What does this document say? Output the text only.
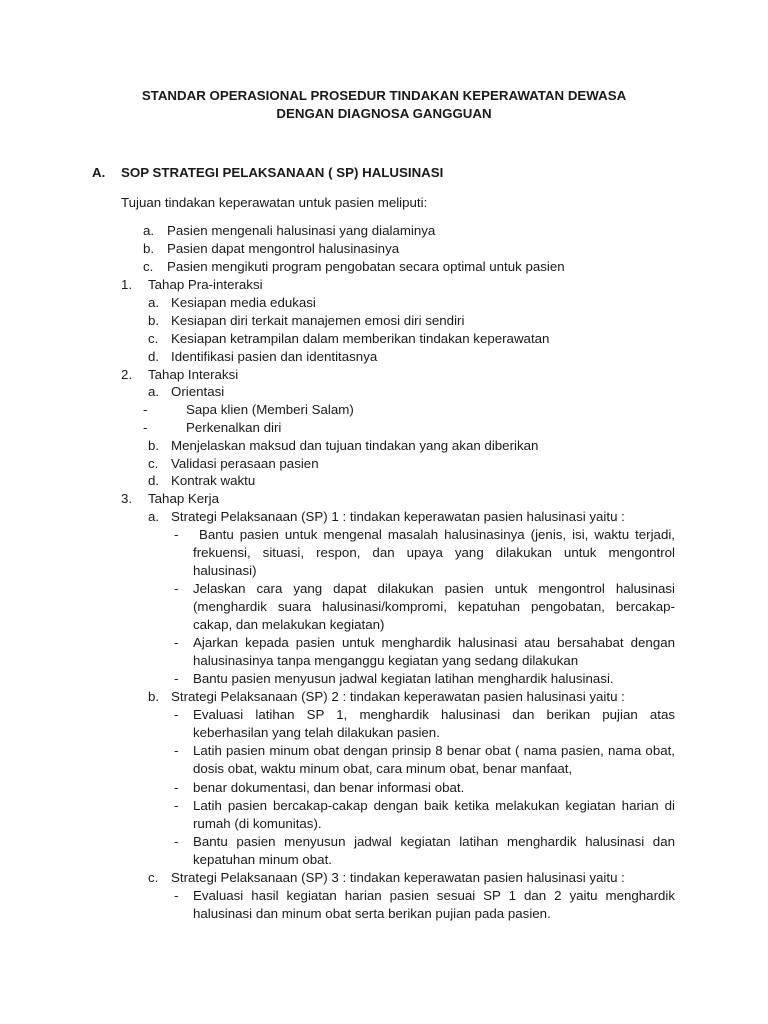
STANDAR OPERASIONAL PROSEDUR TINDAKAN KEPERAWATAN DEWASA
DENGAN DIAGNOSA GANGGUAN
A. SOP STRATEGI PELAKSANAAN ( SP) HALUSINASI
Tujuan tindakan keperawatan untuk pasien meliputi:
a. Pasien mengenali halusinasi yang dialaminya
b. Pasien dapat mengontrol halusinasinya
c. Pasien mengikuti program pengobatan secara optimal untuk pasien
1. Tahap Pra-interaksi
a. Kesiapan media edukasi
b. Kesiapan diri terkait manajemen emosi diri sendiri
c. Kesiapan ketrampilan dalam memberikan tindakan keperawatan
d. Identifikasi pasien dan identitasnya
2. Tahap Interaksi
a. Orientasi
-	Sapa klien (Memberi Salam)
-	Perkenalkan diri
b. Menjelaskan maksud dan tujuan tindakan yang akan diberikan
c. Validasi perasaan pasien
d. Kontrak waktu
3. Tahap Kerja
a. Strategi Pelaksanaan (SP) 1 : tindakan keperawatan pasien halusinasi yaitu :
- Bantu pasien untuk mengenal masalah halusinasinya (jenis, isi, waktu terjadi, frekuensi, situasi, respon, dan upaya yang dilakukan untuk mengontrol halusinasi)
- Jelaskan cara yang dapat dilakukan pasien untuk mengontrol halusinasi (menghardik suara halusinasi/kompromi, kepatuhan pengobatan, bercakap-cakap, dan melakukan kegiatan)
- Ajarkan kepada pasien untuk menghardik halusinasi atau bersahabat dengan halusinasinya tanpa menganggu kegiatan yang sedang dilakukan
- Bantu pasien menyusun jadwal kegiatan latihan menghardik halusinasi.
b. Strategi Pelaksanaan (SP) 2 : tindakan keperawatan pasien halusinasi yaitu :
- Evaluasi latihan SP 1, menghardik halusinasi dan berikan pujian atas keberhasilan yang telah dilakukan pasien.
- Latih pasien minum obat dengan prinsip 8 benar obat ( nama pasien, nama obat, dosis obat, waktu minum obat, cara minum obat, benar manfaat,
- benar dokumentasi, dan benar informasi obat.
- Latih pasien bercakap-cakap dengan baik ketika melakukan kegiatan harian di rumah (di komunitas).
- Bantu pasien menyusun jadwal kegiatan latihan menghardik halusinasi dan kepatuhan minum obat.
c. Strategi Pelaksanaan (SP) 3 : tindakan keperawatan pasien halusinasi yaitu :
- Evaluasi hasil kegiatan harian pasien sesuai SP 1 dan 2 yaitu menghardik halusinasi dan minum obat serta berikan pujian pada pasien.
